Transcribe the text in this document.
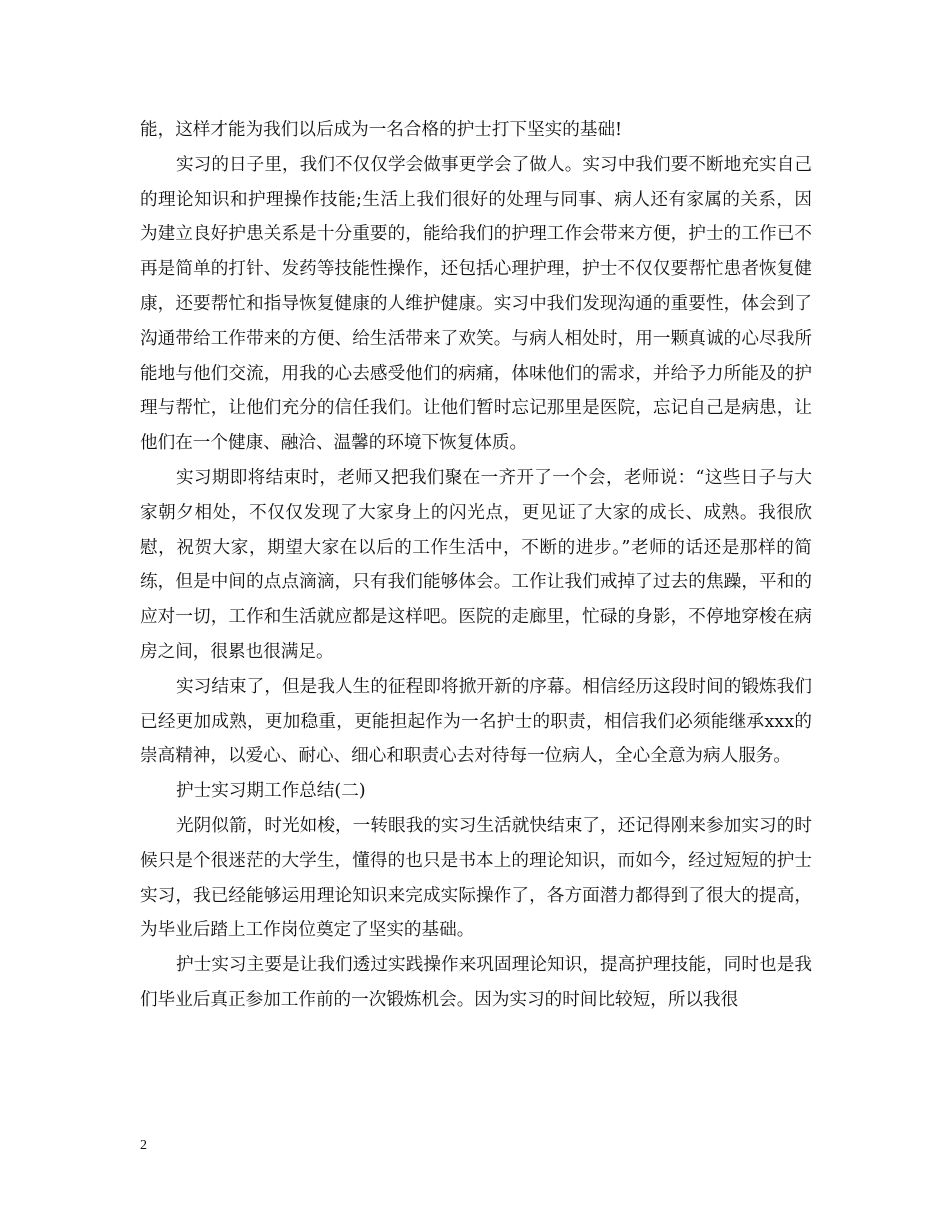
能，这样才能为我们以后成为一名合格的护士打下坚实的基础!

实习的日子里，我们不仅仅学会做事更学会了做人。实习中我们要不断地充实自己的理论知识和护理操作技能;生活上我们很好的处理与同事、病人还有家属的关系，因为建立良好护患关系是十分重要的，能给我们的护理工作会带来方便，护士的工作已不再是简单的打针、发药等技能性操作，还包括心理护理，护士不仅仅要帮忙患者恢复健康，还要帮忙和指导恢复健康的人维护健康。实习中我们发现沟通的重要性，体会到了沟通带给工作带来的方便、给生活带来了欢笑。与病人相处时，用一颗真诚的心尽我所能地与他们交流，用我的心去感受他们的病痛，体味他们的需求，并给予力所能及的护理与帮忙，让他们充分的信任我们。让他们暂时忘记那里是医院，忘记自己是病患，让他们在一个健康、融洽、温馨的环境下恢复体质。

实习期即将结束时，老师又把我们聚在一齐开了一个会，老师说：“这些日子与大家朝夕相处，不仅仅发现了大家身上的闪光点，更见证了大家的成长、成熟。我很欣慰，祝贺大家，期望大家在以后的工作生活中，不断的进步。”老师的话还是那样的简练，但是中间的点点滴滴，只有我们能够体会。工作让我们戒掉了过去的焦躁，平和的应对一切，工作和生活就应都是这样吧。医院的走廊里，忙碌的身影，不停地穿梭在病房之间，很累也很满足。

实习结束了，但是我人生的征程即将掀开新的序幕。相信经历这段时间的锻炼我们已经更加成熟，更加稳重，更能担起作为一名护士的职责，相信我们必须能继承xxx的崇高精神，以爱心、耐心、细心和职责心去对待每一位病人，全心全意为病人服务。

护士实习期工作总结(二)

光阴似箭，时光如梭，一转眼我的实习生活就快结束了，还记得刚来参加实习的时候只是个很迷茫的大学生，懂得的也只是书本上的理论知识，而如今，经过短短的护士实习，我已经能够运用理论知识来完成实际操作了，各方面潜力都得到了很大的提高，为毕业后踏上工作岗位奠定了坚实的基础。

护士实习主要是让我们透过实践操作来巩固理论知识，提高护理技能，同时也是我们毕业后真正参加工作前的一次锻炼机会。因为实习的时间比较短，所以我很

2
